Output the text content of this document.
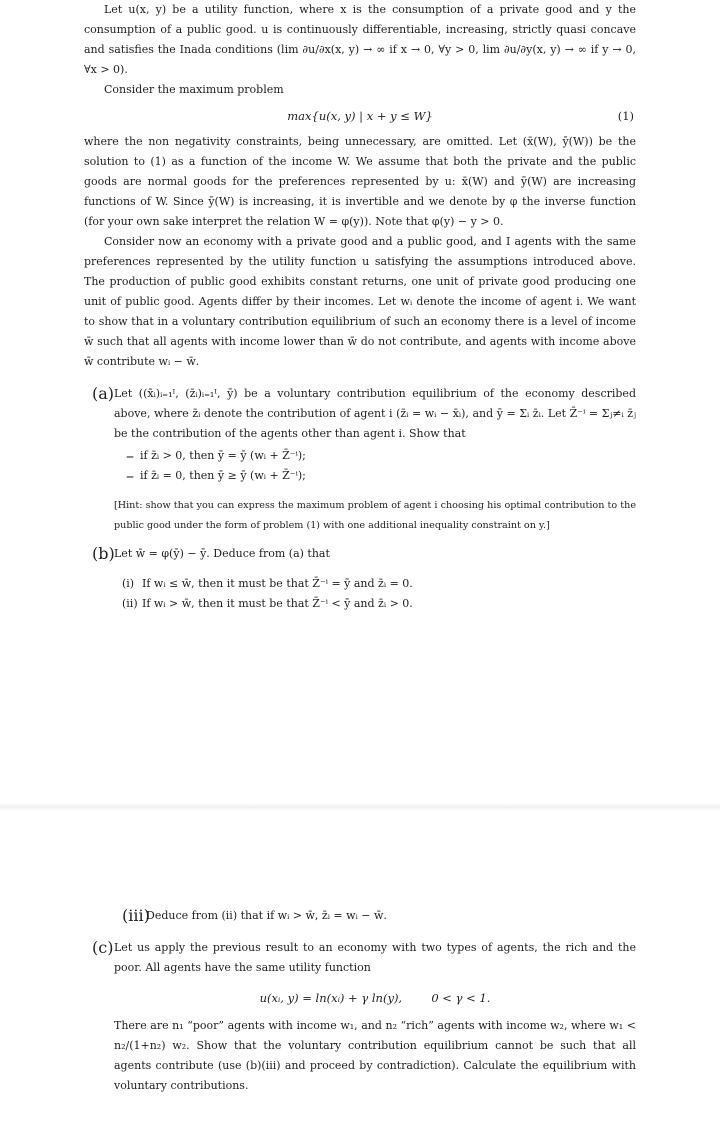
Let u(x, y) be a utility function, where x is the consumption of a private good and y the consumption of a public good. u is continuously differentiable, increasing, strictly quasi concave and satisfies the Inada conditions (lim ∂u/∂x(x, y) → ∞ if x → 0, ∀y > 0, lim ∂u/∂y(x, y) → ∞ if y → 0, ∀x > 0).

Consider the maximum problem

max{u(x, y) | x + y ≤ W}	(1)

where the non negativity constraints, being unnecessary, are omitted. Let (x̄(W), ȳ(W)) be the solution to (1) as a function of the income W. We assume that both the private and the public goods are normal goods for the preferences represented by u: x̄(W) and ȳ(W) are increasing functions of W. Since ȳ(W) is increasing, it is invertible and we denote by φ the inverse function (for your own sake interpret the relation W = φ(y)). Note that φ(y) − y > 0.

Consider now an economy with a private good and a public good, and I agents with the same preferences represented by the utility function u satisfying the assumptions introduced above. The production of public good exhibits constant returns, one unit of private good producing one unit of public good. Agents differ by their incomes. Let wᵢ denote the income of agent i. We want to show that in a voluntary contribution equilibrium of such an economy there is a level of income w̄ such that all agents with income lower than w̄ do not contribute, and agents with income above w̄ contribute wᵢ − w̄.

(a) Let ((x̄ᵢ)ᵢ₌₁ᴵ, (z̄ᵢ)ᵢ₌₁ᴵ, ȳ) be a voluntary contribution equilibrium of the economy described above, where z̄ᵢ denote the contribution of agent i (z̄ᵢ = wᵢ − x̄ᵢ), and ȳ = Σᵢ z̄ᵢ. Let Z̄⁻ⁱ = Σⱼ≠ᵢ z̄ⱼ be the contribution of the agents other than agent i. Show that

– if z̄ᵢ > 0, then ȳ = ȳ (wᵢ + Z̄⁻ⁱ);
– if z̄ᵢ = 0, then ȳ ≥ ȳ (wᵢ + Z̄⁻ⁱ);

[Hint: show that you can express the maximum problem of agent i choosing his optimal contribution to the public good under the form of problem (1) with one additional inequality constraint on y.]

(b) Let w̄ = φ(ȳ) − ȳ. Deduce from (a) that

(i) If wᵢ ≤ w̄, then it must be that Z̄⁻ⁱ = ȳ and z̄ᵢ = 0.
(ii) If wᵢ > w̄, then it must be that Z̄⁻ⁱ < ȳ and z̄ᵢ > 0.
(iii)
Deduce from (ii) that if wᵢ > w̄, z̄ᵢ = wᵢ − w̄.
(c) Let us apply the previous result to an economy with two types of agents, the rich and the poor. All agents have the same utility function

u(xᵢ, y) = ln(xᵢ) + γ ln(y),        0 < γ < 1.

There are n₁ “poor” agents with income w₁, and n₂ “rich” agents with income w₂, where w₁ < n₂/(1+n₂) w₂. Show that the voluntary contribution equilibrium cannot be such that all agents contribute (use (b)(iii) and proceed by contradiction). Calculate the equilibrium with voluntary contributions.
